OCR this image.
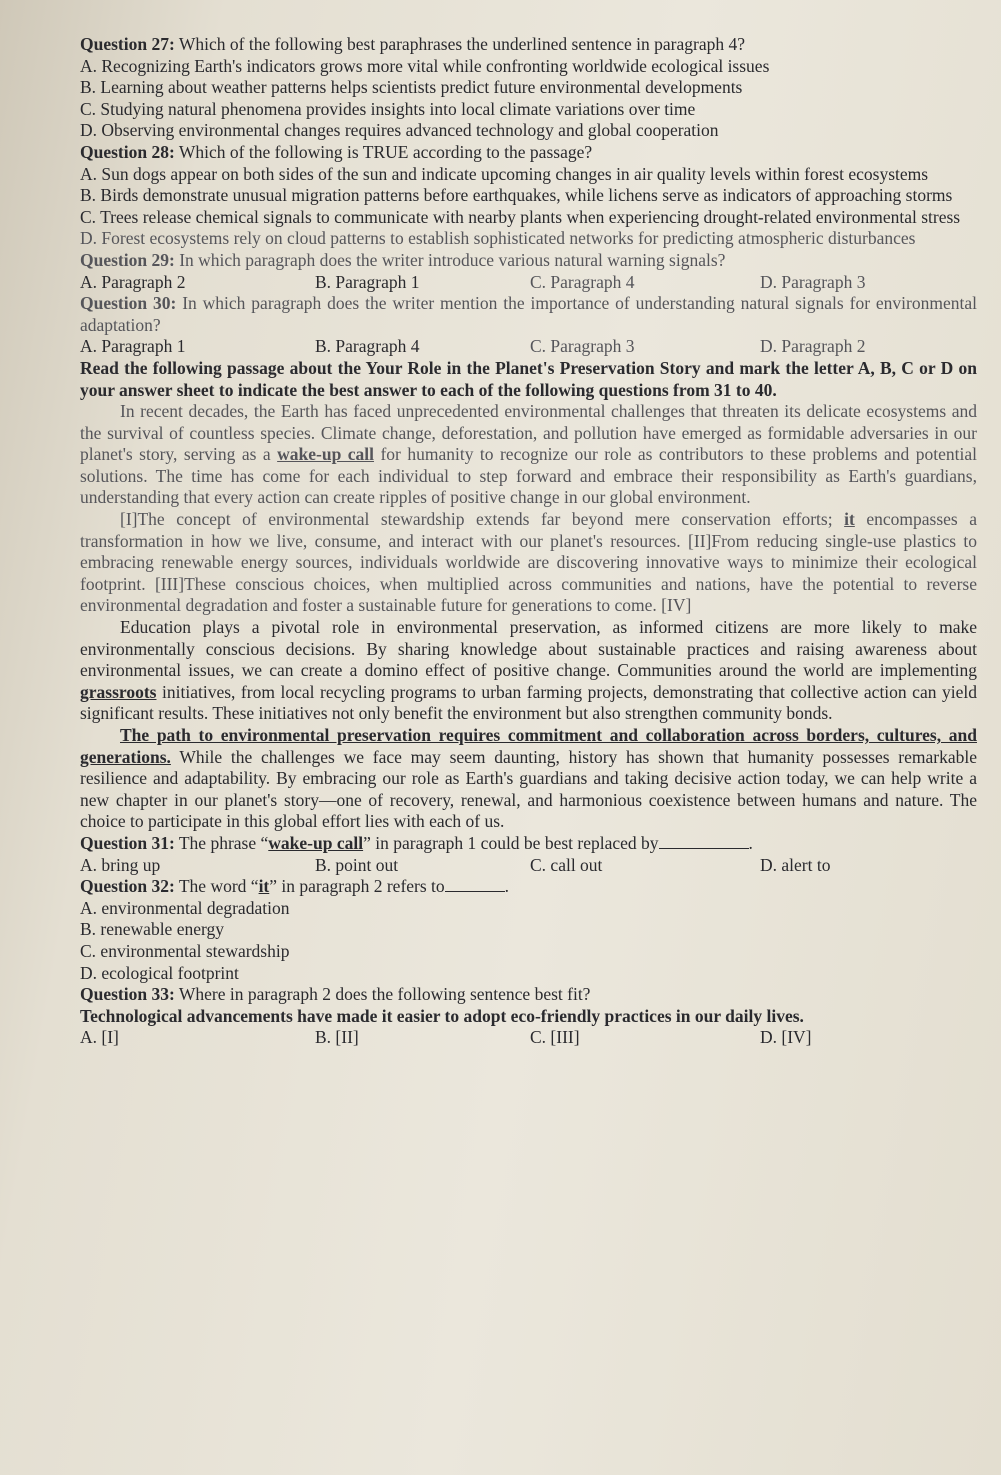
Question 27: Which of the following best paraphrases the underlined sentence in paragraph 4?

A. Recognizing Earth's indicators grows more vital while confronting worldwide ecological issues

B. Learning about weather patterns helps scientists predict future environmental developments

C. Studying natural phenomena provides insights into local climate variations over time

D. Observing environmental changes requires advanced technology and global cooperation

Question 28: Which of the following is TRUE according to the passage?

A. Sun dogs appear on both sides of the sun and indicate upcoming changes in air quality levels within forest ecosystems

B. Birds demonstrate unusual migration patterns before earthquakes, while lichens serve as indicators of approaching storms

C. Trees release chemical signals to communicate with nearby plants when experiencing drought-related environmental stress

D. Forest ecosystems rely on cloud patterns to establish sophisticated networks for predicting atmospheric disturbances

Question 29: In which paragraph does the writer introduce various natural warning signals?

A. Paragraph 2	B. Paragraph 1	C. Paragraph 4	D. Paragraph 3

Question 30: In which paragraph does the writer mention the importance of understanding natural signals for environmental adaptation?

A. Paragraph 1	B. Paragraph 4	C. Paragraph 3	D. Paragraph 2

Read the following passage about the Your Role in the Planet's Preservation Story and mark the letter A, B, C or D on your answer sheet to indicate the best answer to each of the following questions from 31 to 40.

In recent decades, the Earth has faced unprecedented environmental challenges that threaten its delicate ecosystems and the survival of countless species. Climate change, deforestation, and pollution have emerged as formidable adversaries in our planet's story, serving as a wake-up call for humanity to recognize our role as contributors to these problems and potential solutions. The time has come for each individual to step forward and embrace their responsibility as Earth's guardians, understanding that every action can create ripples of positive change in our global environment.

[I]The concept of environmental stewardship extends far beyond mere conservation efforts; it encompasses a transformation in how we live, consume, and interact with our planet's resources. [II]From reducing single-use plastics to embracing renewable energy sources, individuals worldwide are discovering innovative ways to minimize their ecological footprint. [III]These conscious choices, when multiplied across communities and nations, have the potential to reverse environmental degradation and foster a sustainable future for generations to come. [IV]

Education plays a pivotal role in environmental preservation, as informed citizens are more likely to make environmentally conscious decisions. By sharing knowledge about sustainable practices and raising awareness about environmental issues, we can create a domino effect of positive change. Communities around the world are implementing grassroots initiatives, from local recycling programs to urban farming projects, demonstrating that collective action can yield significant results. These initiatives not only benefit the environment but also strengthen community bonds.

The path to environmental preservation requires commitment and collaboration across borders, cultures, and generations. While the challenges we face may seem daunting, history has shown that humanity possesses remarkable resilience and adaptability. By embracing our role as Earth's guardians and taking decisive action today, we can help write a new chapter in our planet's story—one of recovery, renewal, and harmonious coexistence between humans and nature. The choice to participate in this global effort lies with each of us.

Question 31: The phrase “wake-up call” in paragraph 1 could be best replaced by	.

A. bring up	B. point out	C. call out	D. alert to

Question 32: The word “it” in paragraph 2 refers to	.

A. environmental degradation

B. renewable energy

C. environmental stewardship

D. ecological footprint

Question 33: Where in paragraph 2 does the following sentence best fit?

Technological advancements have made it easier to adopt eco-friendly practices in our daily lives.

A. [I]	B. [II]	C. [III]	D. [IV]
